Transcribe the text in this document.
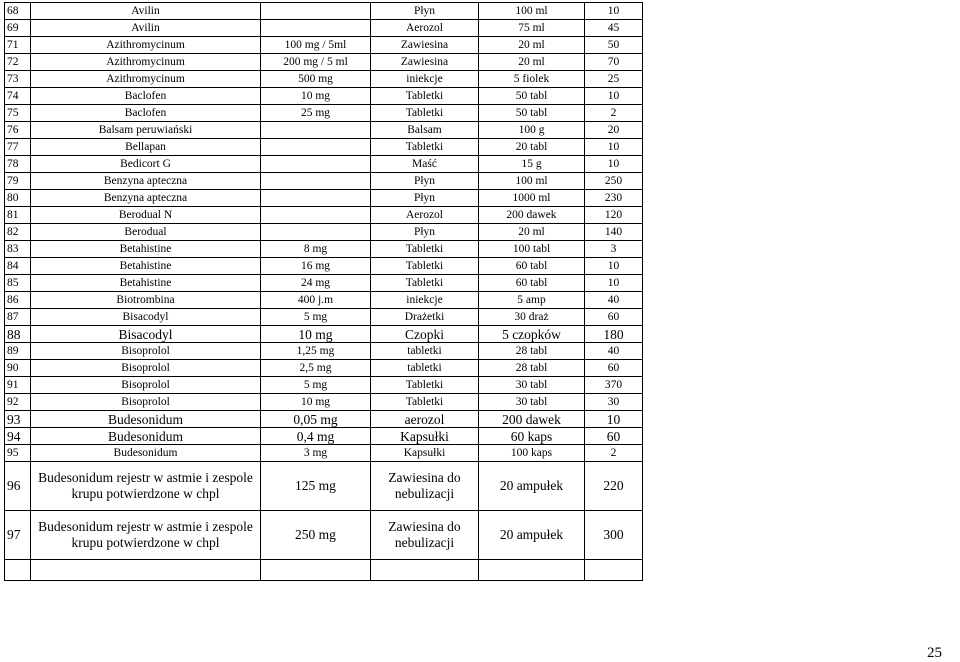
68	Avilin		Płyn	100 ml	10
69	Avilin		Aerozol	75 ml	45
71	Azithromycinum	100 mg / 5ml	Zawiesina	20 ml	50
72	Azithromycinum	200 mg / 5 ml	Zawiesina	20 ml	70
73	Azithromycinum	500 mg	iniekcje	5 fiolek	25
74	Baclofen	10 mg	Tabletki	50 tabl	10
75	Baclofen	25 mg	Tabletki	50 tabl	2
76	Balsam peruwiański		Balsam	100 g	20
77	Bellapan		Tabletki	20 tabl	10
78	Bedicort G		Maść	15 g	10
79	Benzyna apteczna		Płyn	100 ml	250
80	Benzyna apteczna		Płyn	1000 ml	230
81	Berodual N		Aerozol	200 dawek	120
82	Berodual		Płyn	20 ml	140
83	Betahistine	8 mg	Tabletki	100 tabl	3
84	Betahistine	16 mg	Tabletki	60 tabl	10
85	Betahistine	24 mg	Tabletki	60 tabl	10
86	Biotrombina	400 j.m	iniekcje	5 amp	40
87	Bisacodyl	5 mg	Drażetki	30 draż	60
88	Bisacodyl	10 mg	Czopki	5 czopków	180
89	Bisoprolol	1,25 mg	tabletki	28 tabl	40
90	Bisoprolol	2,5 mg	tabletki	28 tabl	60
91	Bisoprolol	5 mg	Tabletki	30 tabl	370
92	Bisoprolol	10 mg	Tabletki	30 tabl	30
93	Budesonidum	0,05 mg	aerozol	200 dawek	10
94	Budesonidum	0,4 mg	Kapsułki	60 kaps	60
95	Budesonidum	3 mg	Kapsułki	100 kaps	2
96	Budesonidum rejestr w astmie i zespole krupu potwierdzone w chpl	125 mg	Zawiesina do nebulizacji	20 ampułek	220
97	Budesonidum rejestr w astmie i zespole krupu potwierdzone w chpl	250 mg	Zawiesina do nebulizacji	20 ampułek	300

25
